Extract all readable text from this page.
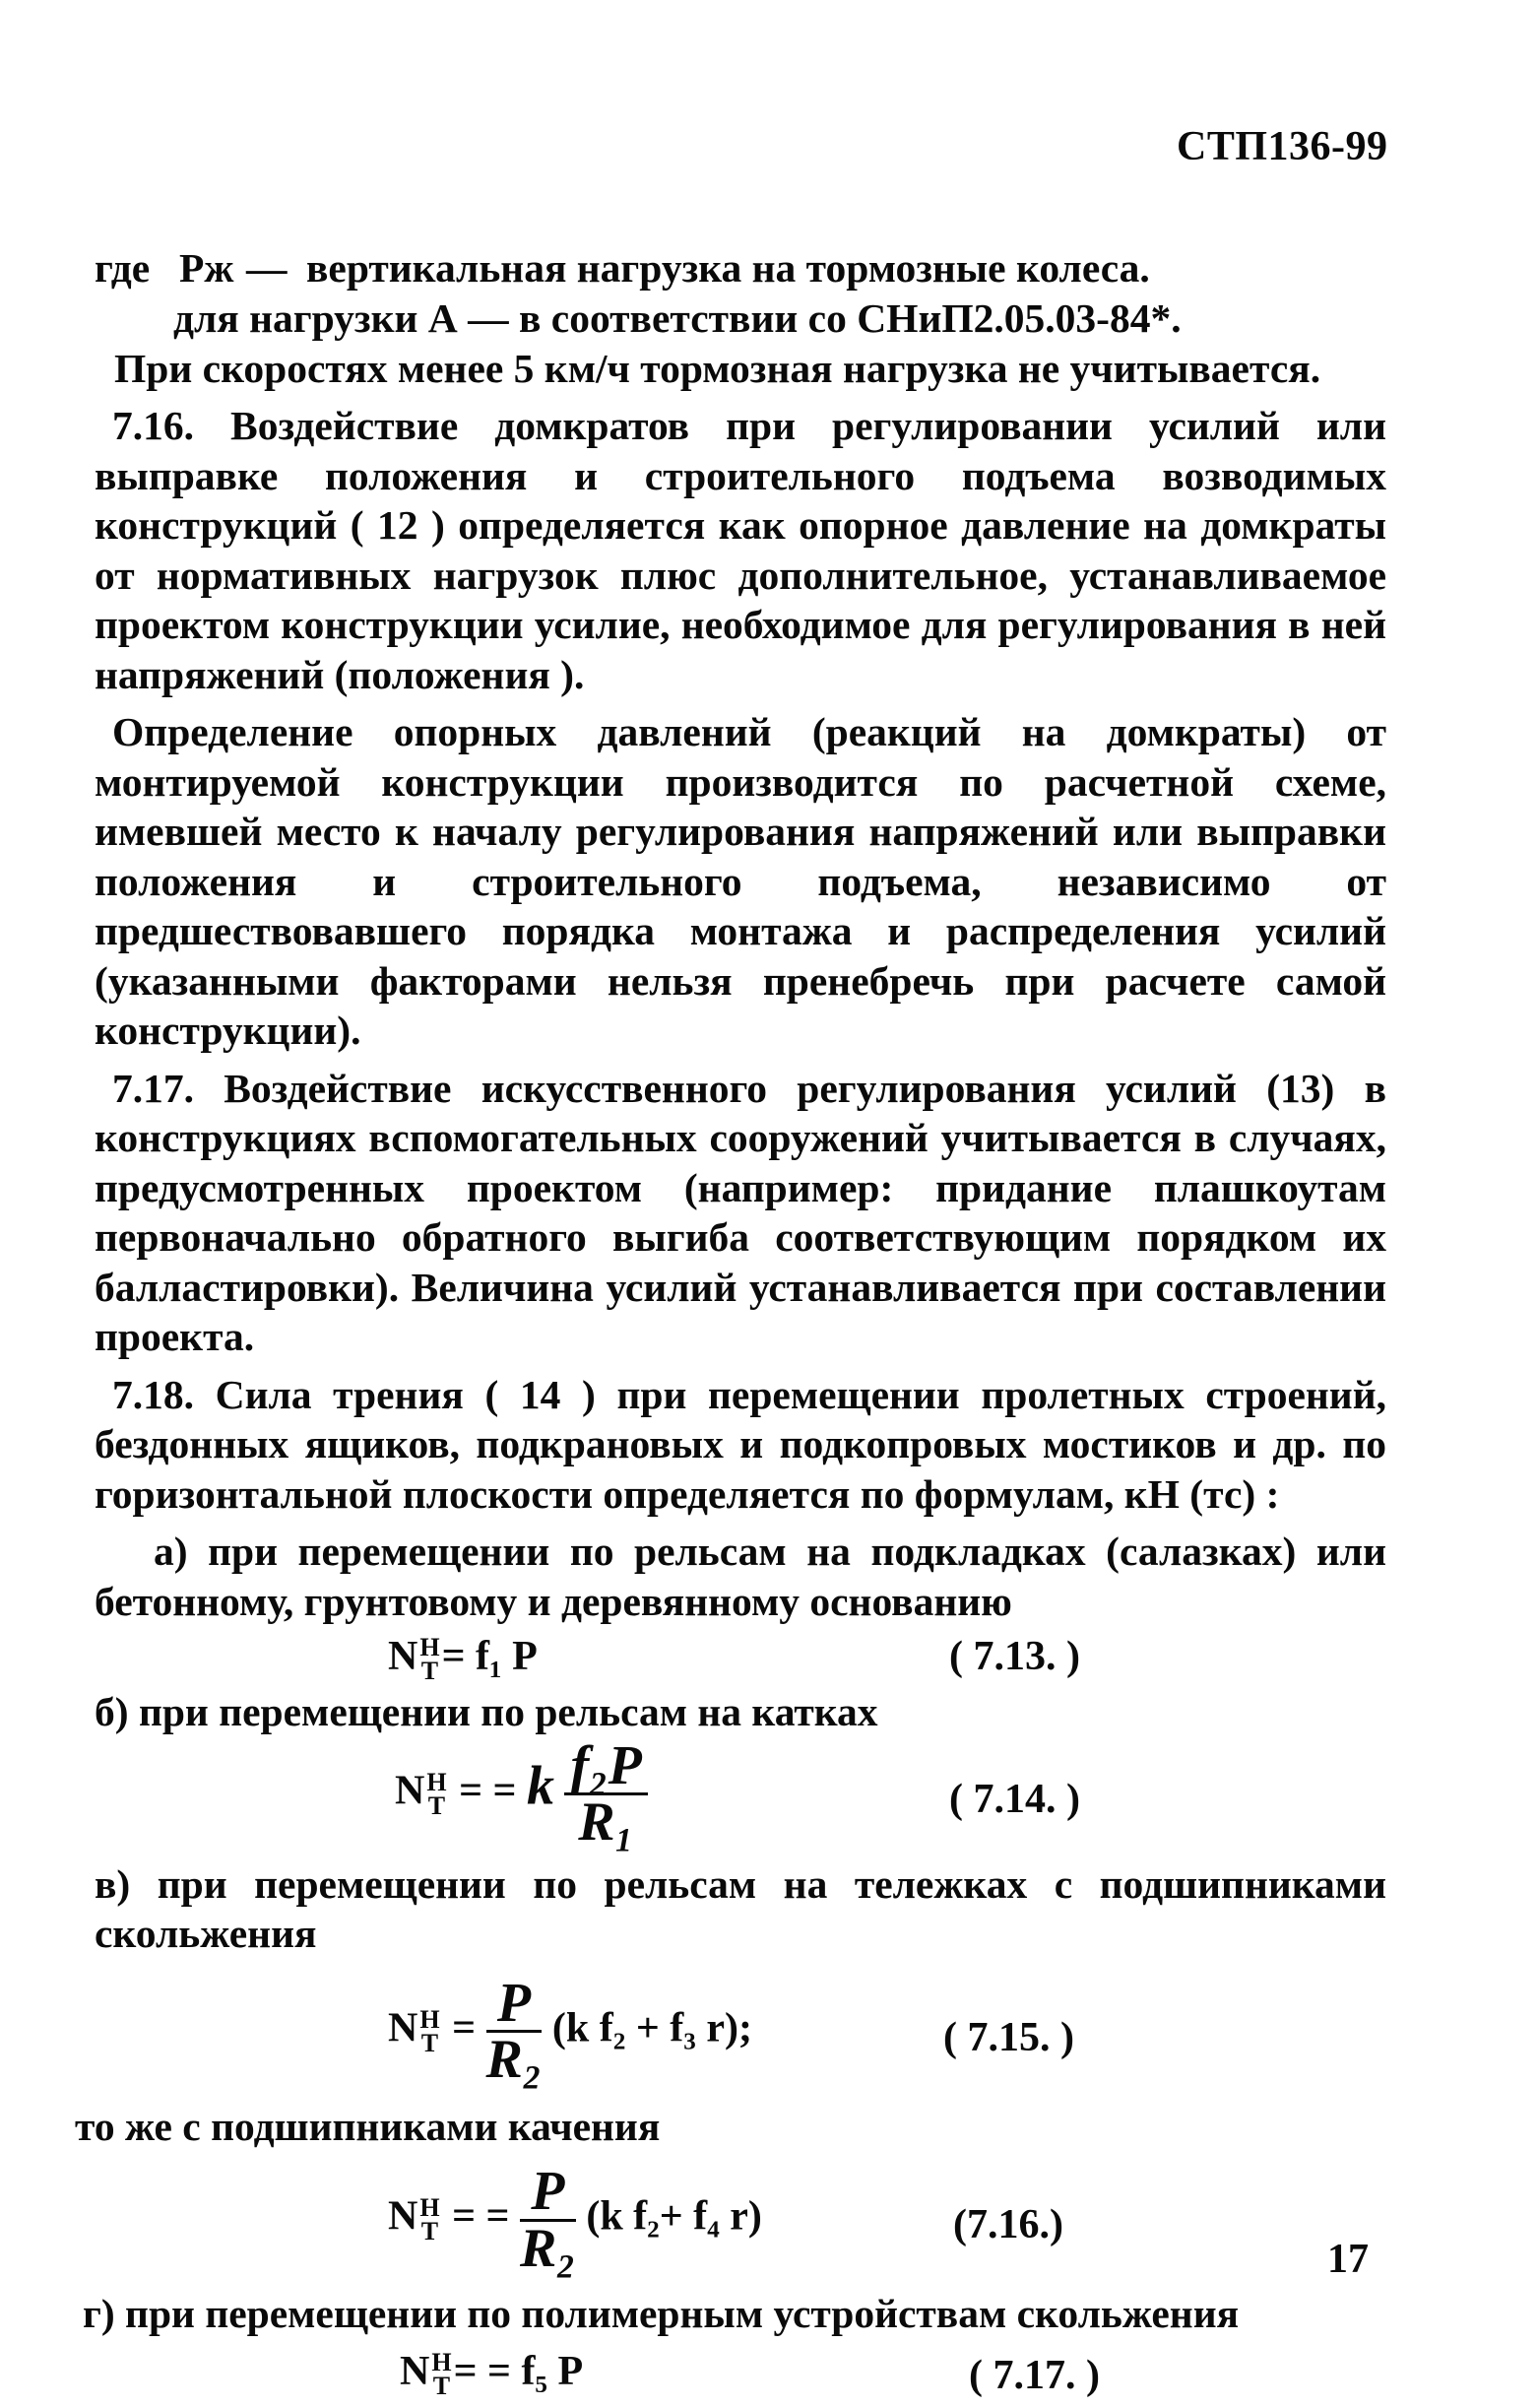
СТП136-99
где Рж — вертикальная нагрузка на тормозные колеса.

для нагрузки А — в соответствии со СНиП2.05.03-84*.

При скоростях менее 5 км/ч тормозная нагрузка не учитывается.

7.16. Воздействие домкратов при регулировании усилий или выправке положения и строительного подъема возводимых конструкций ( 12 ) определяется как опорное давление на домкраты от нормативных нагрузок плюс дополнительное, устанавливаемое проектом конструкции усилие, необходимое для регулирования в ней напряжений (положения ).

Определение опорных давлений (реакций на домкраты) от монтируемой конструкции производится по расчетной схеме, имевшей место к началу регулирования напряжений или выправки положения и строительного подъема, независимо от предшествовавшего порядка монтажа и распределения усилий (указанными факторами нельзя пренебречь при расчете самой конструкции).

7.17. Воздействие искусственного регулирования усилий (13) в конструкциях вспомогательных сооружений учитывается в случаях, предусмотренных проектом (например: придание плашкоутам первоначально обратного выгиба соответствующим порядком их балластировки). Величина усилий устанавливается при составлении проекта.

7.18. Сила трения ( 14 ) при перемещении пролетных строений, бездонных ящиков, подкрановых и подкопровых мостиков и др. по горизонтальной плоскости определяется по формулам, кН (тс) :

а) при перемещении по рельсам на подкладках (салазках) или бетонному, грунтовому и деревянному основанию

N H
T = f₁ P	( 7.13. )

б) при перемещении по рельсам на катках

N H
T = = k $\frac{\text{f₂P}}{\text{R₁}}$	( 7.14. )

в) при перемещении по рельсам на тележках с подшипниками скольжения

N H
$T = \frac{P}{\text{R₂}} (k$ f₂ + f₃ r);	( 7.15. )

то же с подшипниками качения

N H
T = = $\frac{P}{\text{R₂}} (k$ f₂+ f₄ r)	(7.16.)

г) при перемещении по полимерным устройствам скольжения

N H
T = = f₅ P	( 7.17. )
17
